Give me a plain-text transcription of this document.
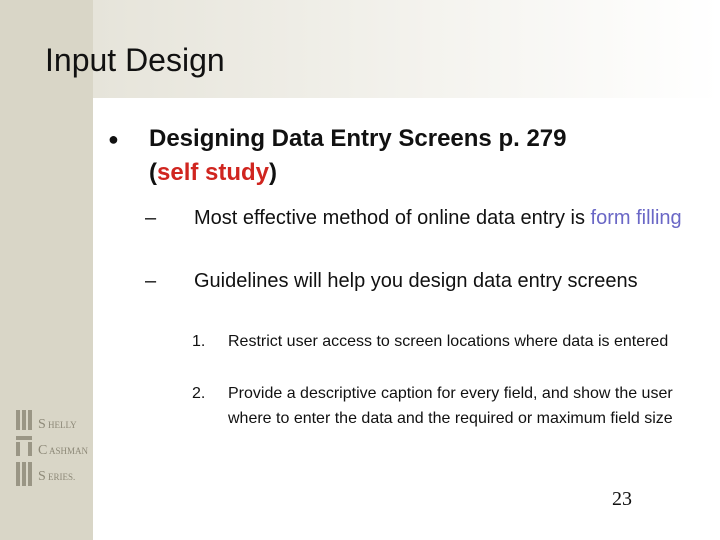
Input Design
S HELLY
C ASHMAN
S ERIES.
●	Designing Data Entry Screens p. 279
(self study)
–	Most effective method of online data entry is form filling
–	Guidelines will help you design data entry screens
1.	Restrict user access to screen locations where data is entered
2.	Provide a descriptive caption for every field, and show the user where to enter the data and the required or maximum field size
23
